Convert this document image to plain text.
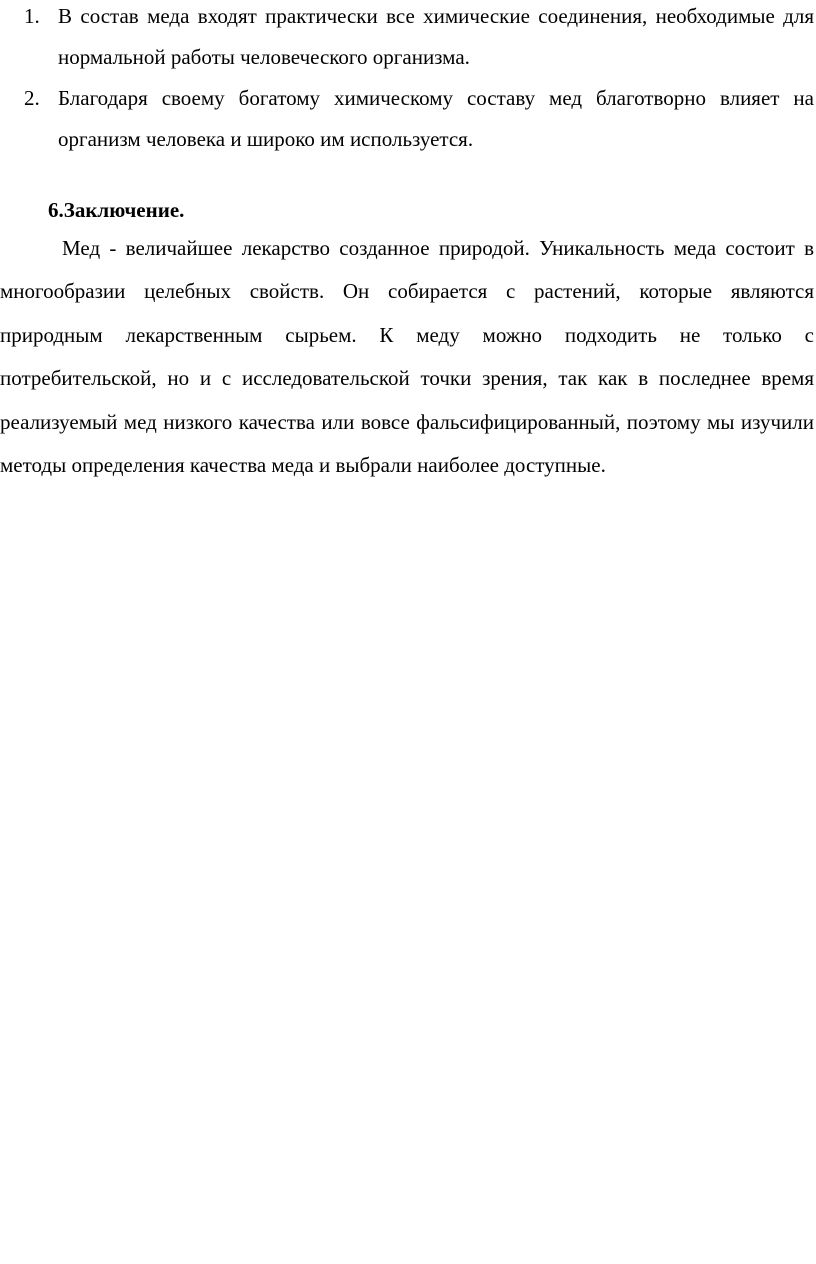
1. В состав меда входят практически все химические соединения, необходимые для нормальной работы человеческого организма.
2. Благодаря своему богатому химическому составу мед благотворно влияет на организм человека и широко им используется.
6.Заключение.

Мед - величайшее лекарство созданное природой. Уникальность меда состоит в многообразии целебных свойств. Он собирается с растений, которые являются природным лекарственным сырьем. К меду можно подходить не только с потребительской, но и с исследовательской точки зрения, так как в последнее время реализуемый мед низкого качества или вовсе фальсифицированный, поэтому мы изучили методы определения качества меда и выбрали наиболее доступные.
